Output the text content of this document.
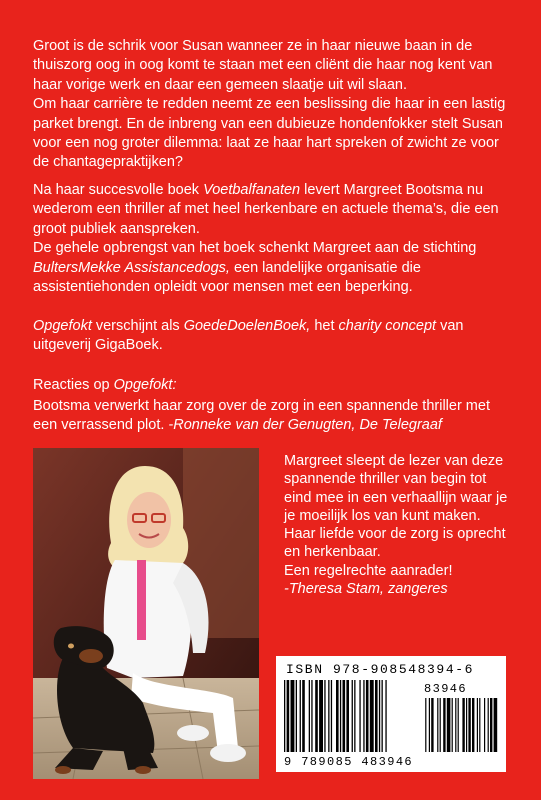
Groot is de schrik voor Susan wanneer ze in haar nieuwe baan in de thuiszorg oog in oog komt te staan met een cliënt die haar nog kent van haar vorige werk en daar een gemeen slaatje uit wil slaan.
Om haar carrière te redden neemt ze een beslissing die haar in een lastig parket brengt. En de inbreng van een dubieuze hondenfokker stelt Susan voor een nog groter dilemma: laat ze haar hart spreken of zwicht ze voor de chantagepraktijken?

Na haar succesvolle boek Voetbalfanaten levert Margreet Bootsma nu wederom een thriller af met heel herkenbare en actuele thema’s, die een groot publiek aanspreken.
De gehele opbrengst van het boek schenkt Margreet aan de stichting BultersMekke Assistancedogs, een landelijke organisatie die assistentiehonden opleidt voor mensen met een beperking.

Opgefokt verschijnt als GoedeDoelenBoek, het charity concept van uitgeverij GigaBoek.

Reacties op Opgefokt:

Bootsma verwerkt haar zorg over de zorg in een spannende thriller met een verrassend plot. -Ronneke van der Genugten, De Telegraaf

Margreet sleept de lezer van deze spannende thriller van begin tot eind mee in een verhaallijn waar je je moeilijk los van kunt maken. Haar liefde voor de zorg is oprecht en herkenbaar.
Een regelrechte aanrader!
-Theresa Stam, zangeres
ISBN 978-908548394-6
83946
9 789085 483946
